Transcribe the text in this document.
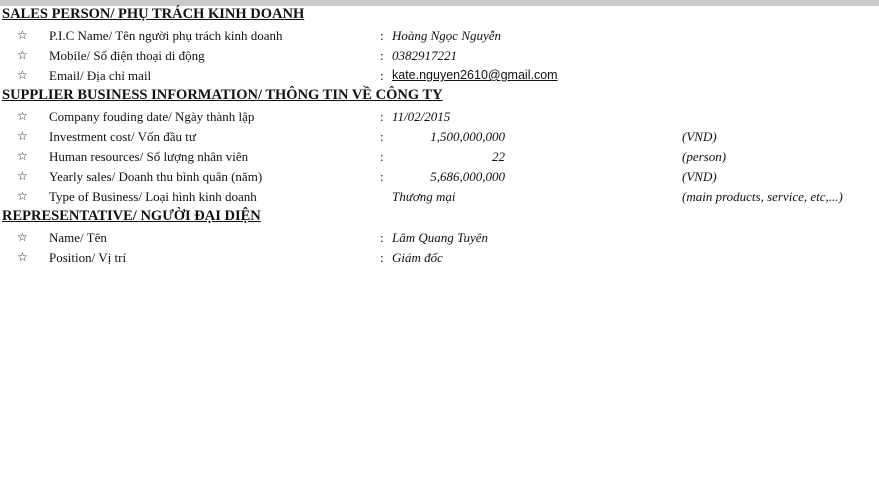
SALES PERSON/ PHỤ TRÁCH KINH DOANH
☆ P.I.C Name/ Tên người phụ trách kinh doanh	: Hoàng Ngọc Nguyễn
☆ Mobile/ Số điện thoại di động	: 0382917221
☆ Email/ Địa chỉ mail	: kate.nguyen2610@gmail.com
SUPPLIER BUSINESS INFORMATION/ THÔNG TIN VỀ CÔNG TY
☆ Company fouding date/ Ngày thành lập	: 11/02/2015
☆ Investment cost/ Vốn đầu tư	:	1,500,000,000	(VND)
☆ Human resources/ Số lượng nhân viên	:	22	(person)
☆ Yearly sales/ Doanh thu bình quân (năm)	:	5,686,000,000	(VND)
☆ Type of Business/ Loại hình kinh doanh	Thương mại	(main products, service, etc,...)
REPRESENTATIVE/ NGƯỜI ĐẠI DIỆN
☆ Name/ Tên	: Lâm Quang Tuyên
☆ Position/ Vị trí	: Giám đốc
